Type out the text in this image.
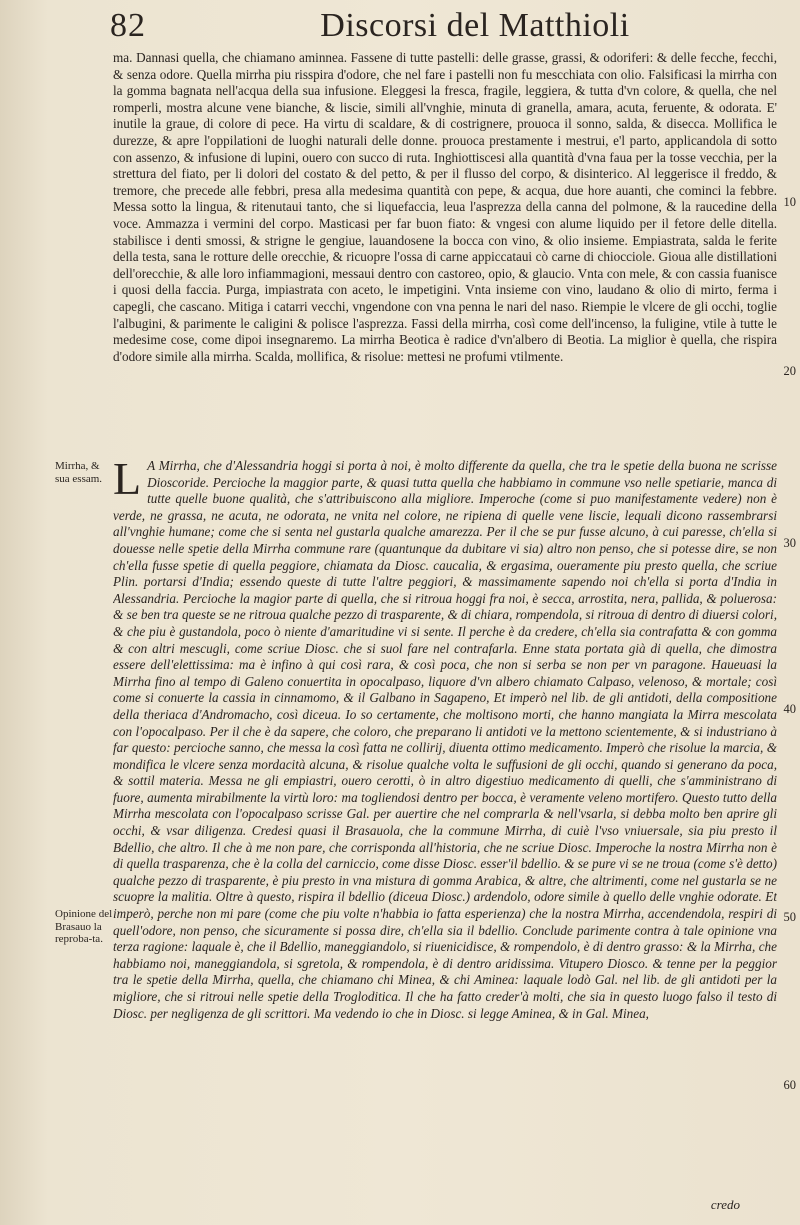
82	Discorsi del Matthioli

ma. Dannasi quella, che chiamano aminnea. Fassene di tutte pastelli: delle grasse, grassi, & odoriferi: & delle fecche, fecchi, & senza odore. Quella mirrha piu risspira d'odore, che nel fare i pastelli non fu mescchiata con olio. Falsificasi la mirrha con la gomma bagnata nell'acqua della sua infusione. Eleggesi la fresca, fragile, leggiera, & tutta d'vn colore, & quella, che nel romperli, mostra alcune vene bianche, & liscie, simili all'vnghie, minuta di granella, amara, acuta, feruente, & odorata. E' inutile la graue, di colore di pece. Ha virtu di scaldare, & di costrignere, prouoca il sonno, salda, & disecca. Mollifica le durezze, & apre l'oppilationi de luoghi naturali delle donne. prouoca prestamente i mestrui, e'l parto, applicandola di sotto con assenzo, & infusione di lupini, ouero con succo di ruta. Inghiottiscesi alla quantità d'vna faua per la tosse vecchia, per la strettura del fiato, per li dolori del costato & del petto, & per il flusso del corpo, & disinterico. Al leggerisce il freddo, & tremore, che precede alle febbri, presa alla medesima quantità con pepe, & acqua, due hore auanti, che cominci la febbre. Messa sotto la lingua, & ritenutaui tanto, che si liquefaccia, leua l'asprezza della canna del polmone, & la raucedine della voce. Ammazza i vermini del corpo. Masticasi per far buon fiato: & vngesi con alume liquido per il fetore delle ditella. stabilisce i denti smossi, & strigne le gengiue, lauandosene la bocca con vino, & olio insieme. Empiastrata, salda le ferite della testa, sana le rotture delle orecchie, & ricuopre l'ossa di carne appiccataui cò carne di chiocciole. Gioua alle distillationi dell'orecchie, & alle loro infiammagioni, messaui dentro con castoreo, opio, & glaucio. Vnta con mele, & con cassia fuanisce i quosi della faccia. Purga, impiastrata con aceto, le impetigini. Vnta insieme con vino, laudano & olio di mirto, ferma i capegli, che cascano. Mitiga i catarri vecchi, vngendone con vna penna le nari del naso. Riempie le vlcere de gli occhi, toglie l'albugini, & parimente le caligini & polisce l'asprezza. Fassi della mirrha, così come dell'incenso, la fuligine, vtile à tutte le medesime cose, come dipoi insegnaremo. La mirrha Beotica è radice d'vn'albero di Beotia. La miglior è quella, che rispira d'odore simile alla mirrha. Scalda, mollifica, & risolue: mettesi ne profumi vtilmente.

L A Mirrha, che d'Alessandria hoggi si porta à noi, è molto differente da quella, che tra le spetie della buona ne scrisse Dioscoride. Percioche la maggior parte, & quasi tutta quella che habbiamo in commune vso nelle spetiarie, manca di tutte quelle buone qualità, che s'attribuiscono alla migliore. Imperoche (come si puo manifestamente vedere) non è verde, ne grassa, ne acuta, ne odorata, ne vnita nel colore, ne ripiena di quelle vene liscie, lequali dicono rassembrarsi all'vnghie humane; come che si senta nel gustarla qualche amarezza. Per il che se pur fusse alcuno, à cui paresse, ch'ella si douesse nelle spetie della Mirrha commune rare (quantunque da dubitare vi sia) altro non penso, che si potesse dire, se non ch'ella fusse spetie di quella peggiore, chiamata da Diosc. caucalia, & ergasima, oueramente piu presto quella, che scriue Plin. portarsi d'India; essendo queste di tutte l'altre peggiori, & massimamente sapendo noi ch'ella si porta d'India in Alessandria. Percioche la magior parte di quella, che si ritroua hoggi fra noi, è secca, arrostita, nera, pallida, & poluerosa: & se ben tra queste se ne ritroua qualche pezzo di trasparente, & di chiara, rompendola, si ritroua di dentro di diuersi colori, & che piu è gustandola, poco ò niente d'amaritudine vi si sente. Il perche è da credere, ch'ella sia contrafatta & con gomma & con altri mescugli, come scriue Diosc. che si suol fare nel contrafarla. Enne stata portata già di quella, che dimostra essere dell'elettissima: ma è infino à qui così rara, & così poca, che non si serba se non per vn paragone. Haueuasi la Mirrha fino al tempo di Galeno conuertita in opocalpaso, liquore d'vn albero chiamato Calpaso, velenoso, & mortale; così come si conuerte la cassia in cinnamomo, & il Galbano in Sagapeno, Et imperò nel lib. de gli antidoti, della compositione della theriaca d'Andromacho, così diceua. Io so certamente, che moltisono morti, che hanno mangiata la Mirra mescolata con l'opocalpaso. Per il che è da sapere, che coloro, che preparano li antidoti ve la mettono scientemente, & si industriano à far questo: percioche sanno, che messa la così fatta ne collirij, diuenta ottimo medicamento. Imperò che risolue la marcia, & mondifica le vlcere senza mordacità alcuna, & risolue qualche volta le suffusioni de gli occhi, quando si generano da poca, & sottil materia. Messa ne gli empiastri, ouero cerotti, ò in altro digestiuo medicamento di quelli, che s'amministrano di fuore, aumenta mirabilmente la virtù loro: ma togliendosi dentro per bocca, è veramente veleno mortifero. Questo tutto della Mirrha mescolata con l'opocalpaso scrisse Gal. per auertire che nel comprarla & nell'vsarla, si debba molto ben aprire gli occhi, & vsar diligenza. Credesi quasi il Brasauola, che la commune Mirrha, di cuiè l'vso vniuersale, sia piu presto il Bdellio, che altro. Il che à me non pare, che corrisponda all'historia, che ne scriue Diosc. Imperoche la nostra Mirrha non è di quella trasparenza, che è la colla del carniccio, come disse Diosc. esser'il bdellio. & se pure vi se ne troua (come s'è detto) qualche pezzo di trasparente, è piu presto in vna mistura di gomma Arabica, & altre, che altrimenti, come nel gustarla se ne scuopre la malitia. Oltre à questo, rispira il bdellio (diceua Diosc.) ardendolo, odore simile à quello delle vnghie odorate. Et imperò, perche non mi pare (come che piu volte n'habbia io fatta esperienza) che la nostra Mirrha, accendendola, respiri di quell'odore, non penso, che sicuramente si possa dire, ch'ella sia il bdellio. Conclude parimente contra à tale opinione vna terza ragione: laquale è, che il Bdellio, maneggiandolo, si riuenicidisce, & rompendolo, è di dentro grasso: & la Mirrha, che habbiamo noi, maneggiandola, si sgretola, & rompendola, è di dentro aridissima. Vitupero Diosco. & tenne per la peggior tra le spetie della Mirrha, quella, che chiamano chi Minea, & chi Aminea: laquale lodò Gal. nel lib. de gli antidoti per la migliore, che si ritroui nelle spetie della Trogloditica. Il che ha fatto creder'à molti, che sia in questo luogo falso il testo di Diosc. per negligenza de gli scrittori. Ma vedendo io che in Diosc. si legge Aminea, & in Gal. Minea,

Mirrha, & sua essam.
Opinione del Brasauo la reproba-ta.
10
20
30
40
50
60
credo
